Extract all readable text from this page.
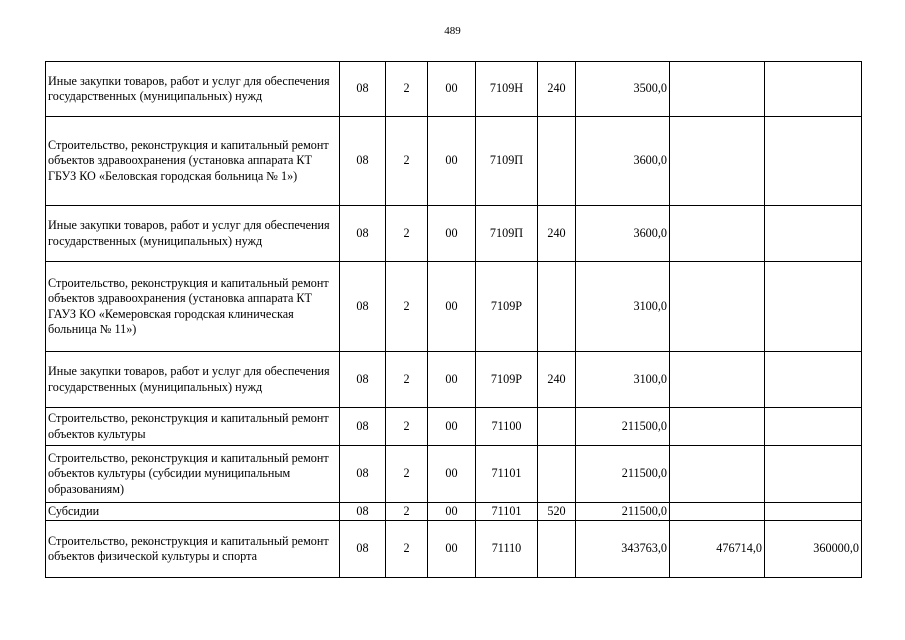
489
Иные закупки товаров, работ и услуг для обеспечения государственных (муниципальных) нужд	08	2	00	7109Н	240	3500,0		
Строительство, реконструкция и капитальный ремонт объектов здравоохранения (установка аппарата КТ ГБУЗ КО «Беловская городская больница № 1»)	08	2	00	7109П		3600,0		
Иные закупки товаров, работ и услуг для обеспечения государственных (муниципальных) нужд	08	2	00	7109П	240	3600,0		
Строительство, реконструкция и капитальный ремонт объектов здравоохранения (установка аппарата КТ ГАУЗ КО «Кемеровская городская клиническая больница № 11»)	08	2	00	7109Р		3100,0		
Иные закупки товаров, работ и услуг для обеспечения государственных (муниципальных) нужд	08	2	00	7109Р	240	3100,0		
Строительство, реконструкция и капитальный ремонт объектов культуры	08	2	00	71100		211500,0		
Строительство, реконструкция и капитальный ремонт объектов культуры (субсидии муниципальным образованиям)	08	2	00	71101		211500,0		
Субсидии	08	2	00	71101	520	211500,0		
Строительство, реконструкция и капитальный ремонт объектов физической культуры и спорта	08	2	00	71110		343763,0	476714,0	360000,0
